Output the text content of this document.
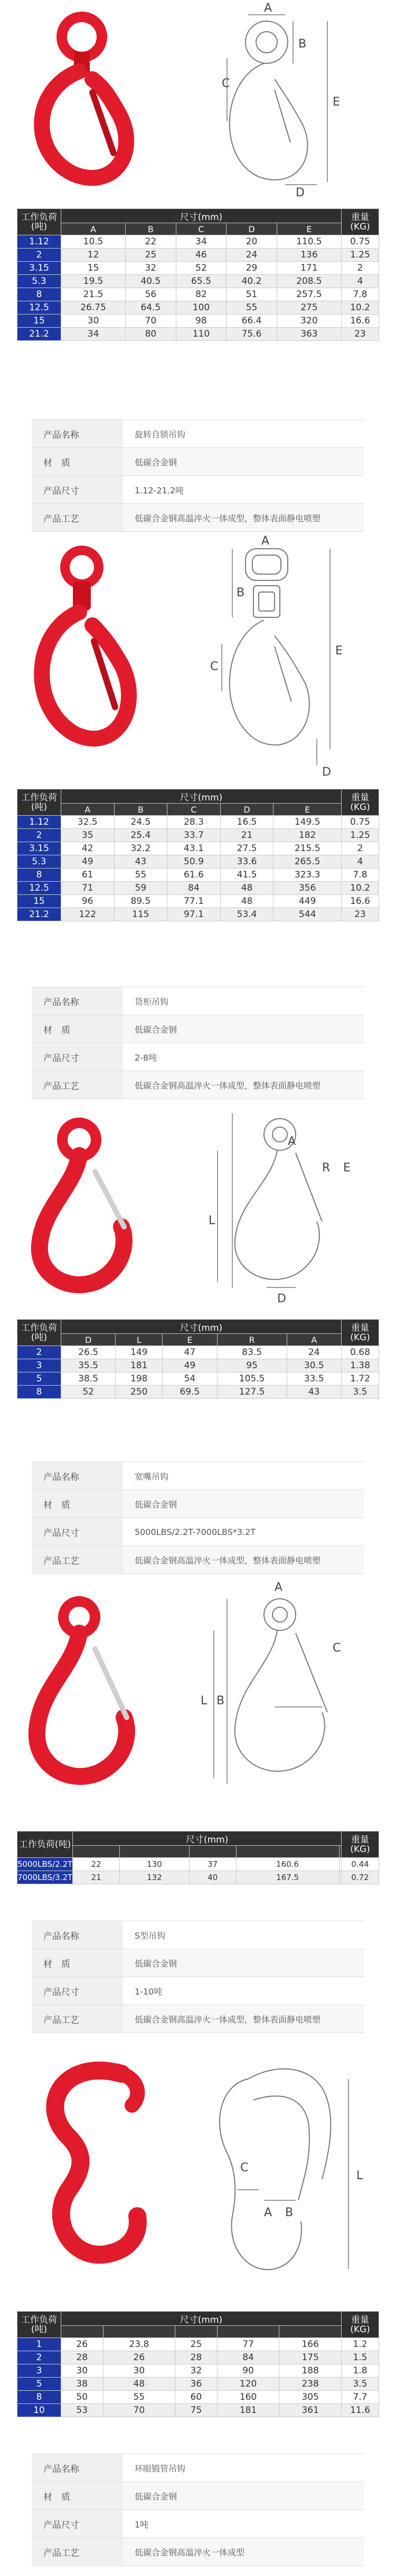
A
B
C
D
E
工作负荷(吨)	尺寸(mm)					重量(KG)
	A	B	C	D	E	
1.12	10.5	22	34	20	110.5	0.75
2	12	25	46	24	136	1.25
3.15	15	32	52	29	171	2
5.3	19.5	40.5	65.5	40.2	208.5	4
8	21.5	56	82	51	257.5	7.8
12.5	26.75	64.5	100	55	275	10.2
15	30	70	98	66.4	320	16.6
21.2	34	80	110	75.6	363	23
产品名称	旋转自锁吊钩
材　质	低碳合金钢
产品尺寸	1.12-21.2吨
产品工艺	低碳合金钢高温淬火一体成型，整体表面静电喷塑
A
B
C
D
E
工作负荷(吨)	尺寸(mm)					重量(KG)
	A	B	C	D	E	
1.12	32.5	24.5	28.3	16.5	149.5	0.75
2	35	25.4	33.7	21	182	1.25
3.15	42	32.2	43.1	27.5	215.5	2
5.3	49	43	50.9	33.6	265.5	4
8	61	55	61.6	41.5	323.3	7.8
12.5	71	59	84	48	356	10.2
15	96	89.5	77.1	48	449	16.6
21.2	122	115	97.1	53.4	544	23
产品名称	货柜吊钩
材　质	低碳合金钢
产品尺寸	2-8吨
产品工艺	低碳合金钢高温淬火一体成型，整体表面静电喷塑
A
R E
L
D
工作负荷(吨)	尺寸(mm)					重量(KG)
	D	L	E	R	A	
2	26.5	149	47	83.5	24	0.68
3	35.5	181	49	95	30.5	1.38
5	38.5	198	54	105.5	33.5	1.72
8	52	250	69.5	127.5	43	3.5
产品名称	宽嘴吊钩
材　质	低碳合金钢
产品尺寸	5000LBS/2.2T-7000LBS*3.2T
产品工艺	低碳合金钢高温淬火一体成型，整体表面静电喷塑
A
C
B
L
工作负荷(吨)	尺寸(mm)					重量(KG)

5000LBS/2.2T	22	130	37	160.6		0.44
7000LBS/3.2T	21	132	40	167.5		0.72
产品名称	S型吊钩
材　质	低碳合金钢
产品尺寸	1-10吨
产品工艺	低碳合金钢高温淬火一体成型，整体表面静电喷塑
C
A B
L
工作负荷(吨)	尺寸(mm)					重量(KG)

1	26	23.8	25	77	166	1.2
2	28	26	28	84	175	1.5
3	30	30	32	90	188	1.8
5	38	48	36	120	238	3.5
8	50	55	60	160	305	7.7
10	53	70	75	181	361	11.6
产品名称	环眼锻管吊钩
材　质	低碳合金钢
产品尺寸	1吨
产品工艺	低碳合金钢高温淬火一体成型
